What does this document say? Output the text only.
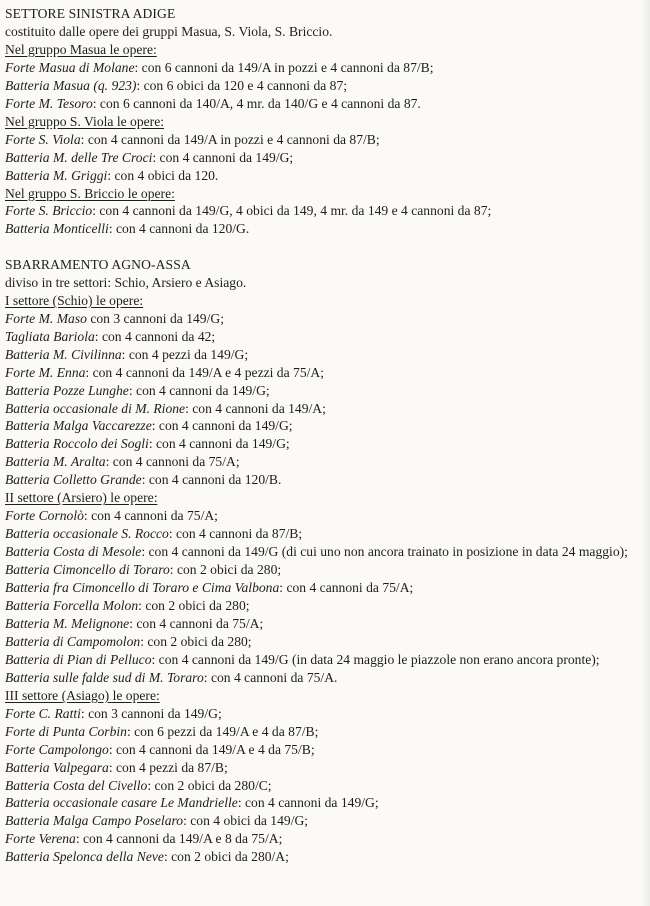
SETTORE SINISTRA ADIGE

costituito dalle opere dei gruppi Masua, S. Viola, S. Briccio.

Nel gruppo Masua le opere:

Forte Masua di Molane: con 6 cannoni da 149/A in pozzi e 4 cannoni da 87/B;

Batteria Masua (q. 923): con 6 obici da 120 e 4 cannoni da 87;

Forte M. Tesoro: con 6 cannoni da 140/A, 4 mr. da 140/G e 4 cannoni da 87.

Nel gruppo S. Viola le opere:

Forte S. Viola: con 4 cannoni da 149/A in pozzi e 4 cannoni da 87/B;

Batteria M. delle Tre Croci: con 4 cannoni da 149/G;

Batteria M. Griggi: con 4 obici da 120.

Nel gruppo S. Briccio le opere:

Forte S. Briccio: con 4 cannoni da 149/G, 4 obici da 149, 4 mr. da 149 e 4 cannoni da 87;

Batteria Monticelli: con 4 cannoni da 120/G.

SBARRAMENTO AGNO-ASSA

diviso in tre settori: Schio, Arsiero e Asiago.

I settore (Schio) le opere:

Forte M. Maso con 3 cannoni da 149/G;

Tagliata Bariola: con 4 cannoni da 42;

Batteria M. Civilinna: con 4 pezzi da 149/G;

Forte M. Enna: con 4 cannoni da 149/A e 4 pezzi da 75/A;

Batteria Pozze Lunghe: con 4 cannoni da 149/G;

Batteria occasionale di M. Rione: con 4 cannoni da 149/A;

Batteria Malga Vaccarezze: con 4 cannoni da 149/G;

Batteria Roccolo dei Sogli: con 4 cannoni da 149/G;

Batteria M. Aralta: con 4 cannoni da 75/A;

Batteria Colletto Grande: con 4 cannoni da 120/B.

II settore (Arsiero) le opere:

Forte Cornolò: con 4 cannoni da 75/A;

Batteria occasionale S. Rocco: con 4 cannoni da 87/B;

Batteria Costa di Mesole: con 4 cannoni da 149/G (di cui uno non ancora trainato in posizione in data 24 maggio);

Batteria Cimoncello di Toraro: con 2 obici da 280;

Batteria fra Cimoncello di Toraro e Cima Valbona: con 4 cannoni da 75/A;

Batteria Forcella Molon: con 2 obici da 280;

Batteria M. Melignone: con 4 cannoni da 75/A;

Batteria di Campomolon: con 2 obici da 280;

Batteria di Pian di Pelluco: con 4 cannoni da 149/G (in data 24 maggio le piazzole non erano ancora pronte);

Batteria sulle falde sud di M. Toraro: con 4 cannoni da 75/A.

III settore (Asiago) le opere:

Forte C. Ratti: con 3 cannoni da 149/G;

Forte di Punta Corbin: con 6 pezzi da 149/A e 4 da 87/B;

Forte Campolongo: con 4 cannoni da 149/A e 4 da 75/B;

Batteria Valpegara: con 4 pezzi da 87/B;

Batteria Costa del Civello: con 2 obici da 280/C;

Batteria occasionale casare Le Mandrielle: con 4 cannoni da 149/G;

Batteria Malga Campo Poselaro: con 4 obici da 149/G;

Forte Verena: con 4 cannoni da 149/A e 8 da 75/A;

Batteria Spelonca della Neve: con 2 obici da 280/A;
